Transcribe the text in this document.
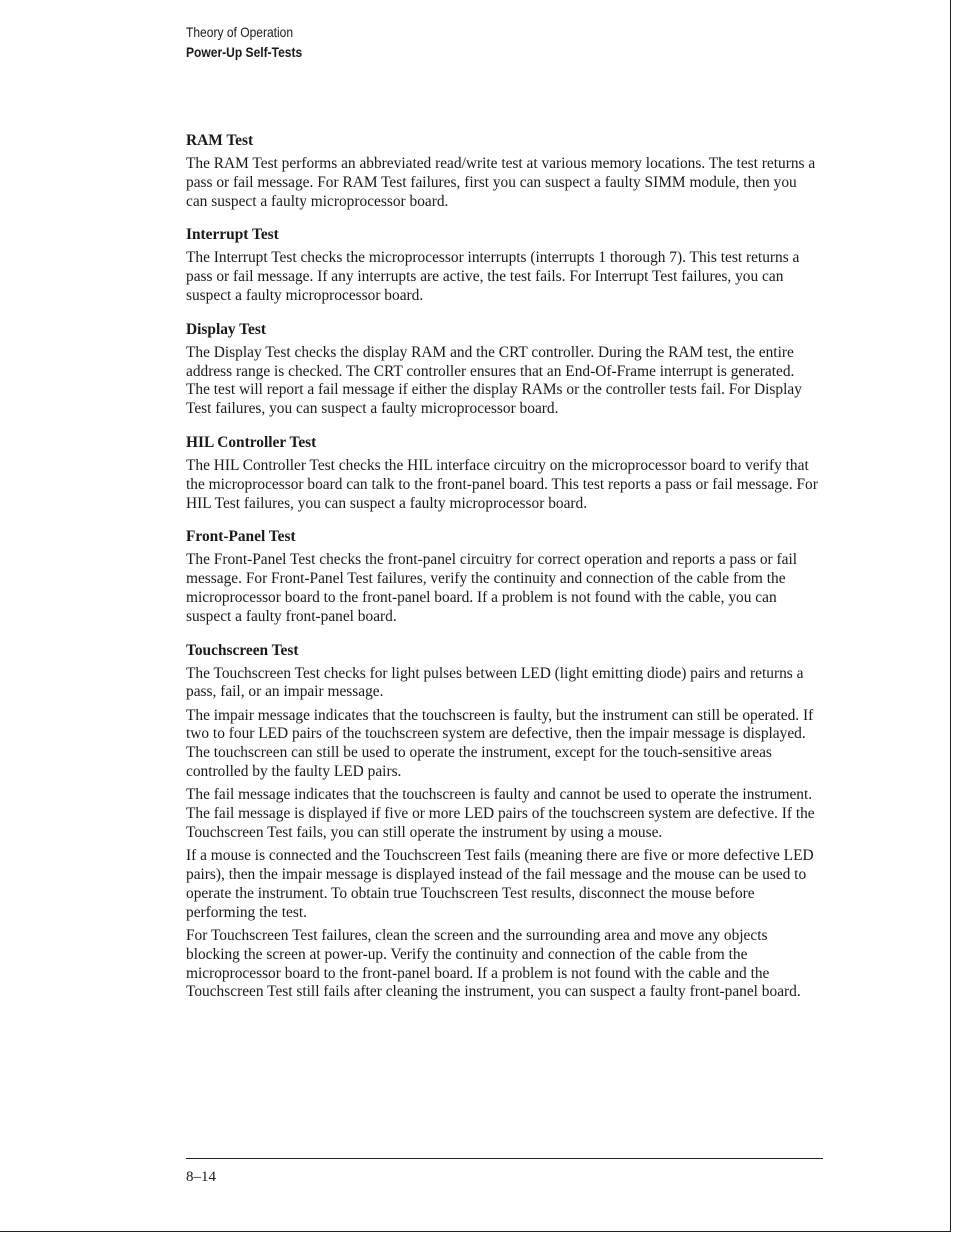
Theory of Operation
Power-Up Self-Tests
RAM Test

The RAM Test performs an abbreviated read/write test at various memory locations. The test returns a pass or fail message. For RAM Test failures, first you can suspect a faulty SIMM module, then you can suspect a faulty microprocessor board.

Interrupt Test

The Interrupt Test checks the microprocessor interrupts (interrupts 1 thorough 7). This test returns a pass or fail message. If any interrupts are active, the test fails. For Interrupt Test failures, you can suspect a faulty microprocessor board.

Display Test

The Display Test checks the display RAM and the CRT controller. During the RAM test, the entire address range is checked. The CRT controller ensures that an End-Of-Frame interrupt is generated. The test will report a fail message if either the display RAMs or the controller tests fail. For Display Test failures, you can suspect a faulty microprocessor board.

HIL Controller Test

The HIL Controller Test checks the HIL interface circuitry on the microprocessor board to verify that the microprocessor board can talk to the front-panel board. This test reports a pass or fail message. For HIL Test failures, you can suspect a faulty microprocessor board.

Front-Panel Test

The Front-Panel Test checks the front-panel circuitry for correct operation and reports a pass or fail message. For Front-Panel Test failures, verify the continuity and connection of the cable from the microprocessor board to the front-panel board. If a problem is not found with the cable, you can suspect a faulty front-panel board.

Touchscreen Test

The Touchscreen Test checks for light pulses between LED (light emitting diode) pairs and returns a pass, fail, or an impair message.

The impair message indicates that the touchscreen is faulty, but the instrument can still be operated. If two to four LED pairs of the touchscreen system are defective, then the impair message is displayed. The touchscreen can still be used to operate the instrument, except for the touch-sensitive areas controlled by the faulty LED pairs.

The fail message indicates that the touchscreen is faulty and cannot be used to operate the instrument. The fail message is displayed if five or more LED pairs of the touchscreen system are defective. If the Touchscreen Test fails, you can still operate the instrument by using a mouse.

If a mouse is connected and the Touchscreen Test fails (meaning there are five or more defective LED pairs), then the impair message is displayed instead of the fail message and the mouse can be used to operate the instrument. To obtain true Touchscreen Test results, disconnect the mouse before performing the test.

For Touchscreen Test failures, clean the screen and the surrounding area and move any objects blocking the screen at power-up. Verify the continuity and connection of the cable from the microprocessor board to the front-panel board. If a problem is not found with the cable and the Touchscreen Test still fails after cleaning the instrument, you can suspect a faulty front-panel board.

8–14
